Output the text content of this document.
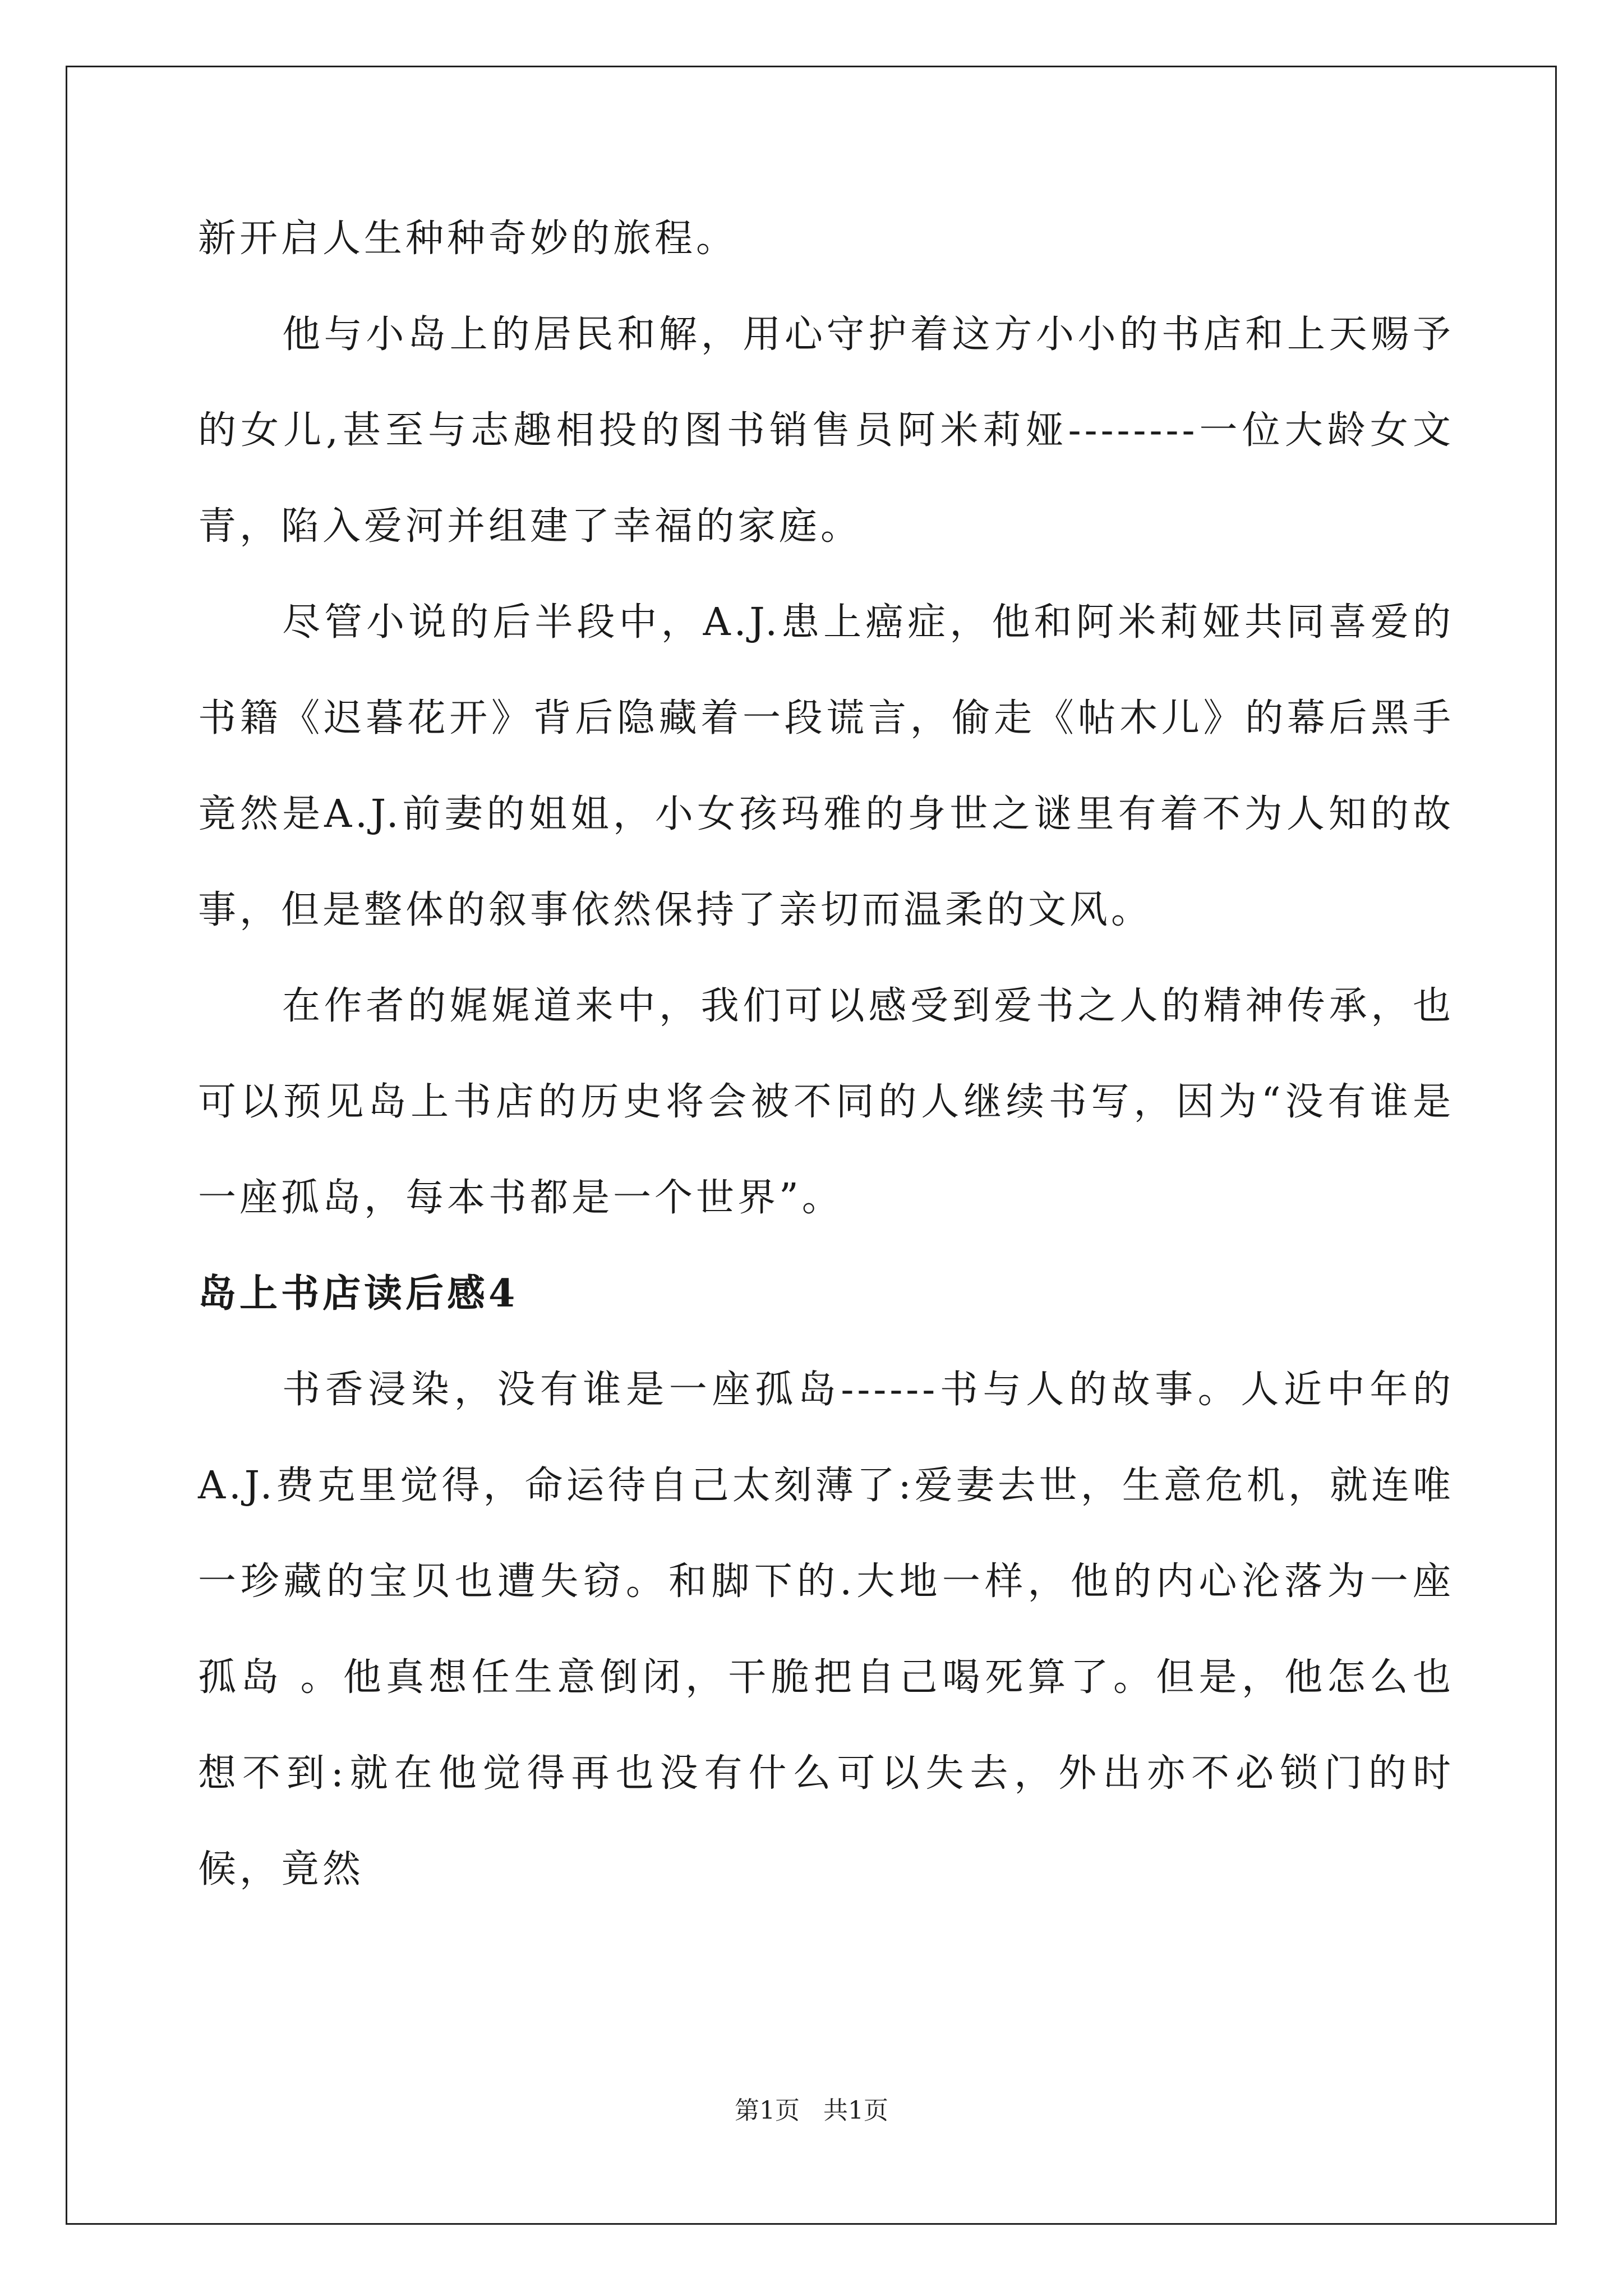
新开启人生种种奇妙的旅程。

他与小岛上的居民和解，用心守护着这方小小的书店和上天赐予的女儿,甚至与志趣相投的图书销售员阿米莉娅--------一位大龄女文青，陷入爱河并组建了幸福的家庭。

尽管小说的后半段中，A.J.患上癌症，他和阿米莉娅共同喜爱的书籍《迟暮花开》背后隐藏着一段谎言，偷走《帖木儿》的幕后黑手竟然是A.J.前妻的姐姐，小女孩玛雅的身世之谜里有着不为人知的故事，但是整体的叙事依然保持了亲切而温柔的文风。

在作者的娓娓道来中，我们可以感受到爱书之人的精神传承，也可以预见岛上书店的历史将会被不同的人继续书写，因为“没有谁是一座孤岛，每本书都是一个世界”。

岛上书店读后感4

书香浸染，没有谁是一座孤岛------书与人的故事。人近中年的A.J.费克里觉得，命运待自己太刻薄了:爱妻去世，生意危机，就连唯一珍藏的宝贝也遭失窃。和脚下的.大地一样，他的内心沦落为一座孤岛 。他真想任生意倒闭，干脆把自己喝死算了。但是，他怎么也想不到:就在他觉得再也没有什么可以失去，外出亦不必锁门的时候，竟然

第1页 共1页
